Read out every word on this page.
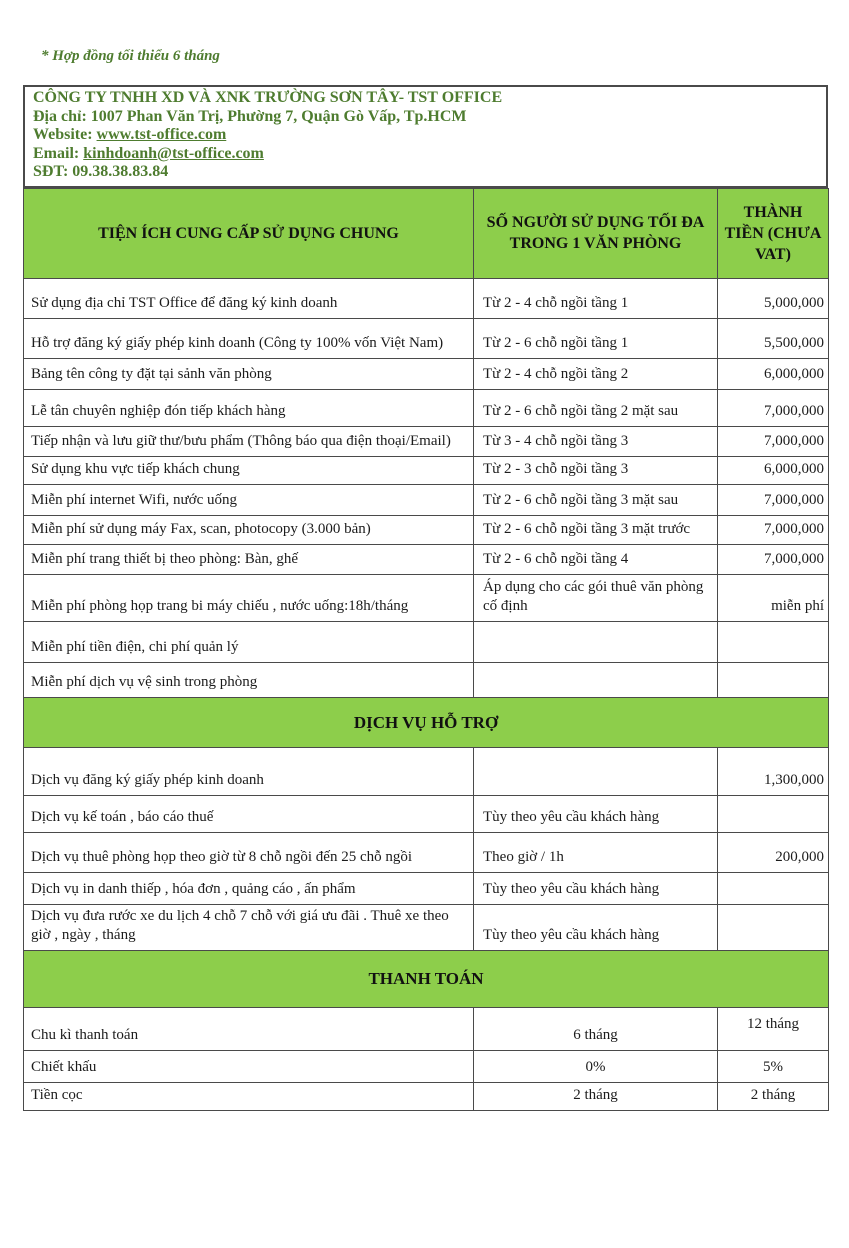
* Hợp đồng tối thiểu 6 tháng
CÔNG TY TNHH XD VÀ XNK TRƯỜNG SƠN TÂY- TST OFFICE
Địa chỉ: 1007 Phan Văn Trị, Phường 7, Quận Gò Vấp, Tp.HCM
Website: www.tst-office.com
Email: kinhdoanh@tst-office.com
SĐT: 09.38.38.83.84
TIỆN ÍCH CUNG CẤP SỬ DỤNG CHUNG	SỐ NGƯỜI SỬ DỤNG TỐI ĐA TRONG 1 VĂN PHÒNG	THÀNH TIỀN (CHƯA VAT)
Sử dụng địa chỉ TST Office để đăng ký kinh doanh	Từ 2 - 4 chỗ ngồi tầng 1	5,000,000
Hỗ trợ đăng ký giấy phép kinh doanh (Công ty 100% vốn Việt Nam)	Từ 2 - 6 chỗ ngồi tầng 1	5,500,000
Bảng tên công ty đặt tại sảnh văn phòng	Từ 2 - 4 chỗ ngồi tầng 2	6,000,000
Lễ tân chuyên nghiệp đón tiếp khách hàng	Từ 2 - 6 chỗ ngồi tầng 2 mặt sau	7,000,000
Tiếp nhận và lưu giữ thư/bưu phẩm (Thông báo qua điện thoại/Email)	Từ 3 - 4 chỗ ngồi tầng 3	7,000,000
Sử dụng khu vực tiếp khách chung	Từ 2 - 3 chỗ ngồi tầng 3	6,000,000
Miễn phí internet Wifi, nước uống	Từ 2 - 6 chỗ ngồi tầng 3 mặt sau	7,000,000
Miễn phí sử dụng máy Fax, scan, photocopy (3.000 bản)	Từ 2 - 6 chỗ ngồi tầng 3 mặt trước	7,000,000
Miễn phí trang thiết bị theo phòng: Bàn, ghế	Từ 2 - 6 chỗ ngồi tầng 4	7,000,000
Miễn phí phòng họp trang bi máy chiếu , nước uống:18h/tháng	Áp dụng cho các gói thuê văn phòng cố định	miễn phí
Miễn phí tiền điện, chi phí quản lý		
Miễn phí dịch vụ vệ sinh trong phòng		
DỊCH VỤ HỖ TRỢ		
Dịch vụ đăng ký giấy phép kinh doanh		1,300,000
Dịch vụ kế toán , báo cáo thuế	Tùy theo yêu cầu khách hàng	
Dịch vụ thuê phòng họp theo giờ từ 8 chỗ ngồi đến 25 chỗ ngồi	Theo giờ / 1h	200,000
Dịch vụ in danh thiếp , hóa đơn , quảng cáo , ấn phẩm	Tùy theo yêu cầu khách hàng	
Dịch vụ đưa rước xe du lịch 4 chỗ 7 chỗ với giá ưu đãi . Thuê xe theo giờ , ngày , tháng	Tùy theo yêu cầu khách hàng	
THANH TOÁN		
Chu kì thanh toán	6 tháng	12 tháng
Chiết khấu	0%	5%
Tiền cọc	2 tháng	2 tháng
